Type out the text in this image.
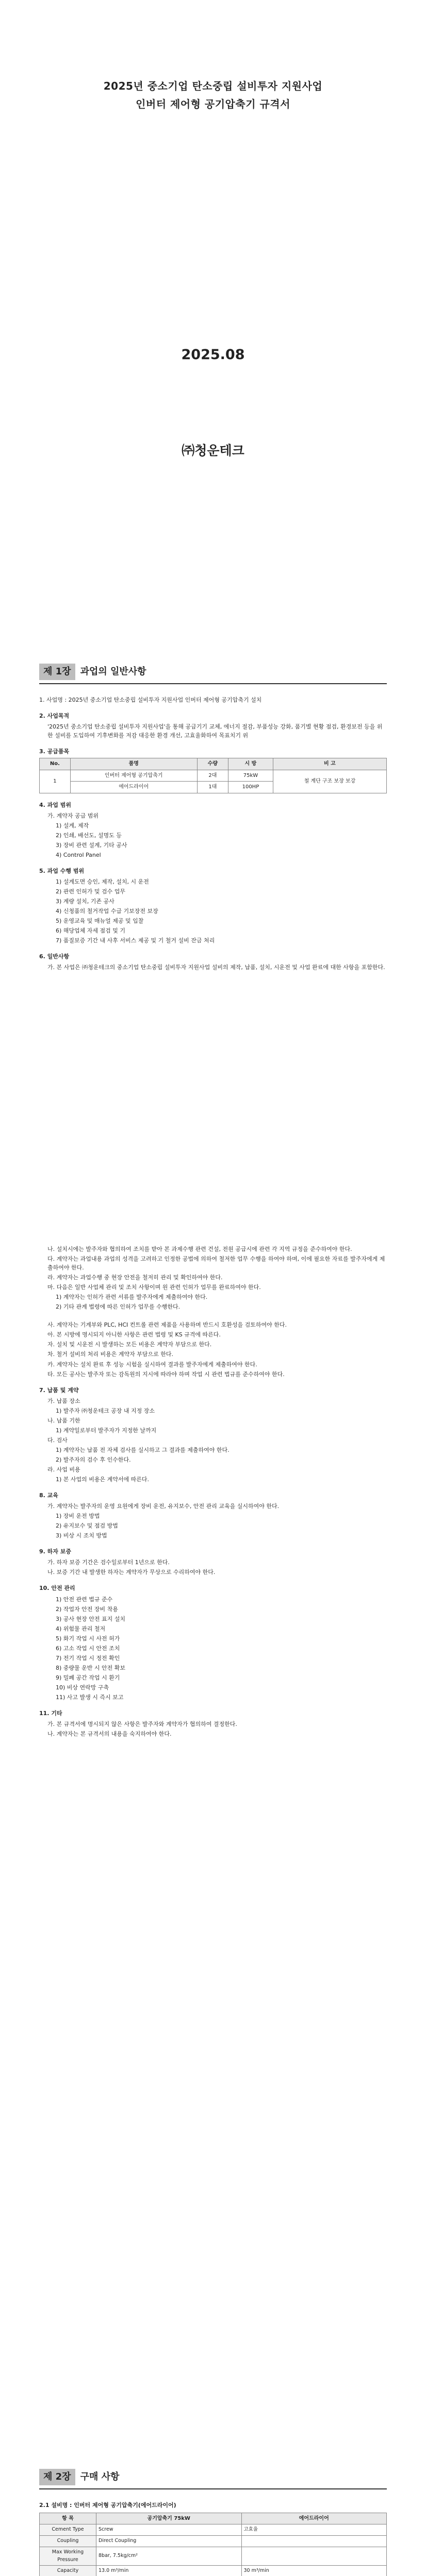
2025년 중소기업 탄소중립 설비투자 지원사업
인버터 제어형 공기압축기 규격서
2025.08
㈜청운테크
제 1장	과업의 일반사항
1. 사업명 : 2025년 중소기업 탄소중립 설비투자 지원사업 인버터 제어형 공기압축기 설치
2. 사업목적
'2025년 중소기업 탄소중립 설비투자 지원사업'을 통해 공급기기 교체, 에너지 절감, 부품성능 강화, 품기별 현황 점검, 환경보전 등을 위한 설비를 도입하여 기후변화를 저감 대응한 환경 개선, 고효율화하여 목표치기 위
3. 공급품목
No.	품명	수량	시 방	비 고
1	인버터 제어형 공기압축기	2대	75kW	철 계단 구조 보장 보강
	에어드라이어	1대	100HP	
4. 과업 범위
가. 계약자 공급 범위
1) 설계, 제작
2) 인쇄, 배선도, 설명도 등
3) 장비 관련 설계, 기타 공사
4) Control Panel
5. 과업 수행 범위
1) 설계도면 승인, 제작, 설치, 시 운전
2) 관련 인허가 및 검수 업무
3) 계량 설치, 기존 공사
4) 신청품의 철거작업 수급 기보장전 보장
5) 운영교육 및 매뉴얼 제공 및 입찰
6) 해당업체 자세 점검 및 기
7) 품질보증 기간 내 사후 서비스 제공 및 기 철거 설비 잔금 처리
6. 일반사항
가. 본 사업은 ㈜청운테크의 중소기업 탄소중립 설비투자 지원사업 설비의 제작, 납품, 설치, 시운전 및 사업 완료에 대한 사항을 포함한다.
나. 설치시에는 발주자와 협의하여 조치를 받아 본 과제수행 관련 건설, 전원 공급시에 관련 각 지역 규정을 준수하여야 한다.
다. 계약자는 과업내용 과업의 성격을 고려하고 인정한 공법에 의하여 철저한 업무 수행을 하여야 하며, 이에 필요한 자료를 발주자에게 제출하여야 한다.
라. 계약자는 과업수행 중 현장 안전을 철저히 관리 및 확인하여야 한다.
마. 다음은 일반 사업체 관리 및 조치 사항이며 원 관련 인허가 업무를 완료하여야 한다.
1) 계약자는 인허가 관련 서류를 발주자에게 제출하여야 한다.
2) 기타 관계 법령에 따른 인허가 업무를 수행한다.
사. 계약자는 기계부와 PLC, HCI 컨트롤 관련 제품을 사용하며 반드시 호환성을 검토하여야 한다.
아. 본 시방에 명시되지 아니한 사항은 관련 법령 및 KS 규격에 따른다.
자. 설치 및 시운전 시 발생하는 모든 비용은 계약자 부담으로 한다.
차. 철거 설비의 처리 비용은 계약자 부담으로 한다.
카. 계약자는 설치 완료 후 성능 시험을 실시하여 결과를 발주자에게 제출하여야 한다.
타. 모든 공사는 발주자 또는 감독원의 지시에 따라야 하며 작업 시 관련 법규를 준수하여야 한다.
7. 납품 및 계약
가. 납품 장소
1) 발주자 ㈜청운테크 공장 내 지정 장소
나. 납품 기한
1) 계약일로부터 발주자가 지정한 날까지
다. 검사
1) 계약자는 납품 전 자체 검사를 실시하고 그 결과를 제출하여야 한다.
2) 발주자의 검수 후 인수한다.
라. 사업 비용
1) 본 사업의 비용은 계약서에 따른다.
8. 교육
가. 계약자는 발주자의 운영 요원에게 장비 운전, 유지보수, 안전 관리 교육을 실시하여야 한다.
1) 장비 운전 방법
2) 유지보수 및 점검 방법
3) 비상 시 조치 방법
9. 하자 보증
가. 하자 보증 기간은 검수일로부터 1년으로 한다.
나. 보증 기간 내 발생한 하자는 계약자가 무상으로 수리하여야 한다.
10. 안전 관리
1) 안전 관련 법규 준수
2) 작업자 안전 장비 착용
3) 공사 현장 안전 표지 설치
4) 위험물 관리 철저
5) 화기 작업 시 사전 허가
6) 고소 작업 시 안전 조치
7) 전기 작업 시 정전 확인
8) 중량물 운반 시 안전 확보
9) 밀폐 공간 작업 시 환기
10) 비상 연락망 구축
11) 사고 발생 시 즉시 보고
11. 기타
가. 본 규격서에 명시되지 않은 사항은 발주자와 계약자가 협의하여 결정한다.
나. 계약자는 본 규격서의 내용을 숙지하여야 한다.
제 2장	구매 사항
2.1 설비명 : 인버터 제어형 공기압축기(에어드라이어)
항 목	공기압축기 75kW	에어드라이어
Cement Type	Screw	고효율
Coupling	Direct Coupling	
Max Working Pressure	8bar, 7.5kg/cm²	
Capacity	13.0 m³/min	30 m³/min
